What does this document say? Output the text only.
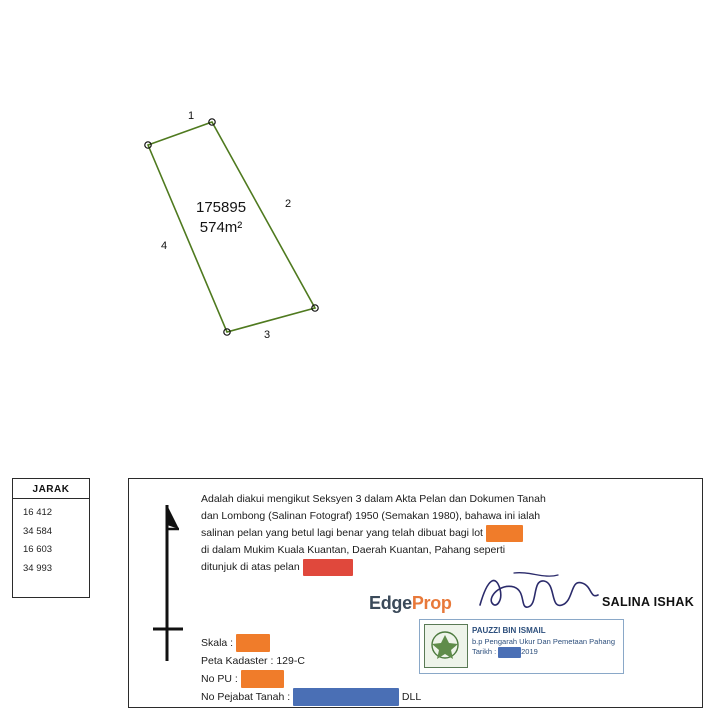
175895
574m²
1
2
3
4
JARAK
16 412
34 584
16 603
34 993

Adalah diakui mengikut Seksyen 3 dalam Akta Pelan dan Dokumen Tanah

dan Lombong (Salinan Fotograf) 1950 (Semakan 1980), bahawa ini ialah

salinan pelan yang betul lagi benar yang telah dibuat bagi lot

di dalam Mukim Kuala Kuantan, Daerah Kuantan, Pahang seperti

ditunjuk di atas pelan

Skala :
Peta Kadaster : 129-C
No PU :
No Pejabat Tanah :	DLL
PAUZZI BIN ISMAIL
b.p Pengarah Ukur Dan Pemetaan Pahang
Tarikh :	2019
SALINA ISHAK
EdgeProp
